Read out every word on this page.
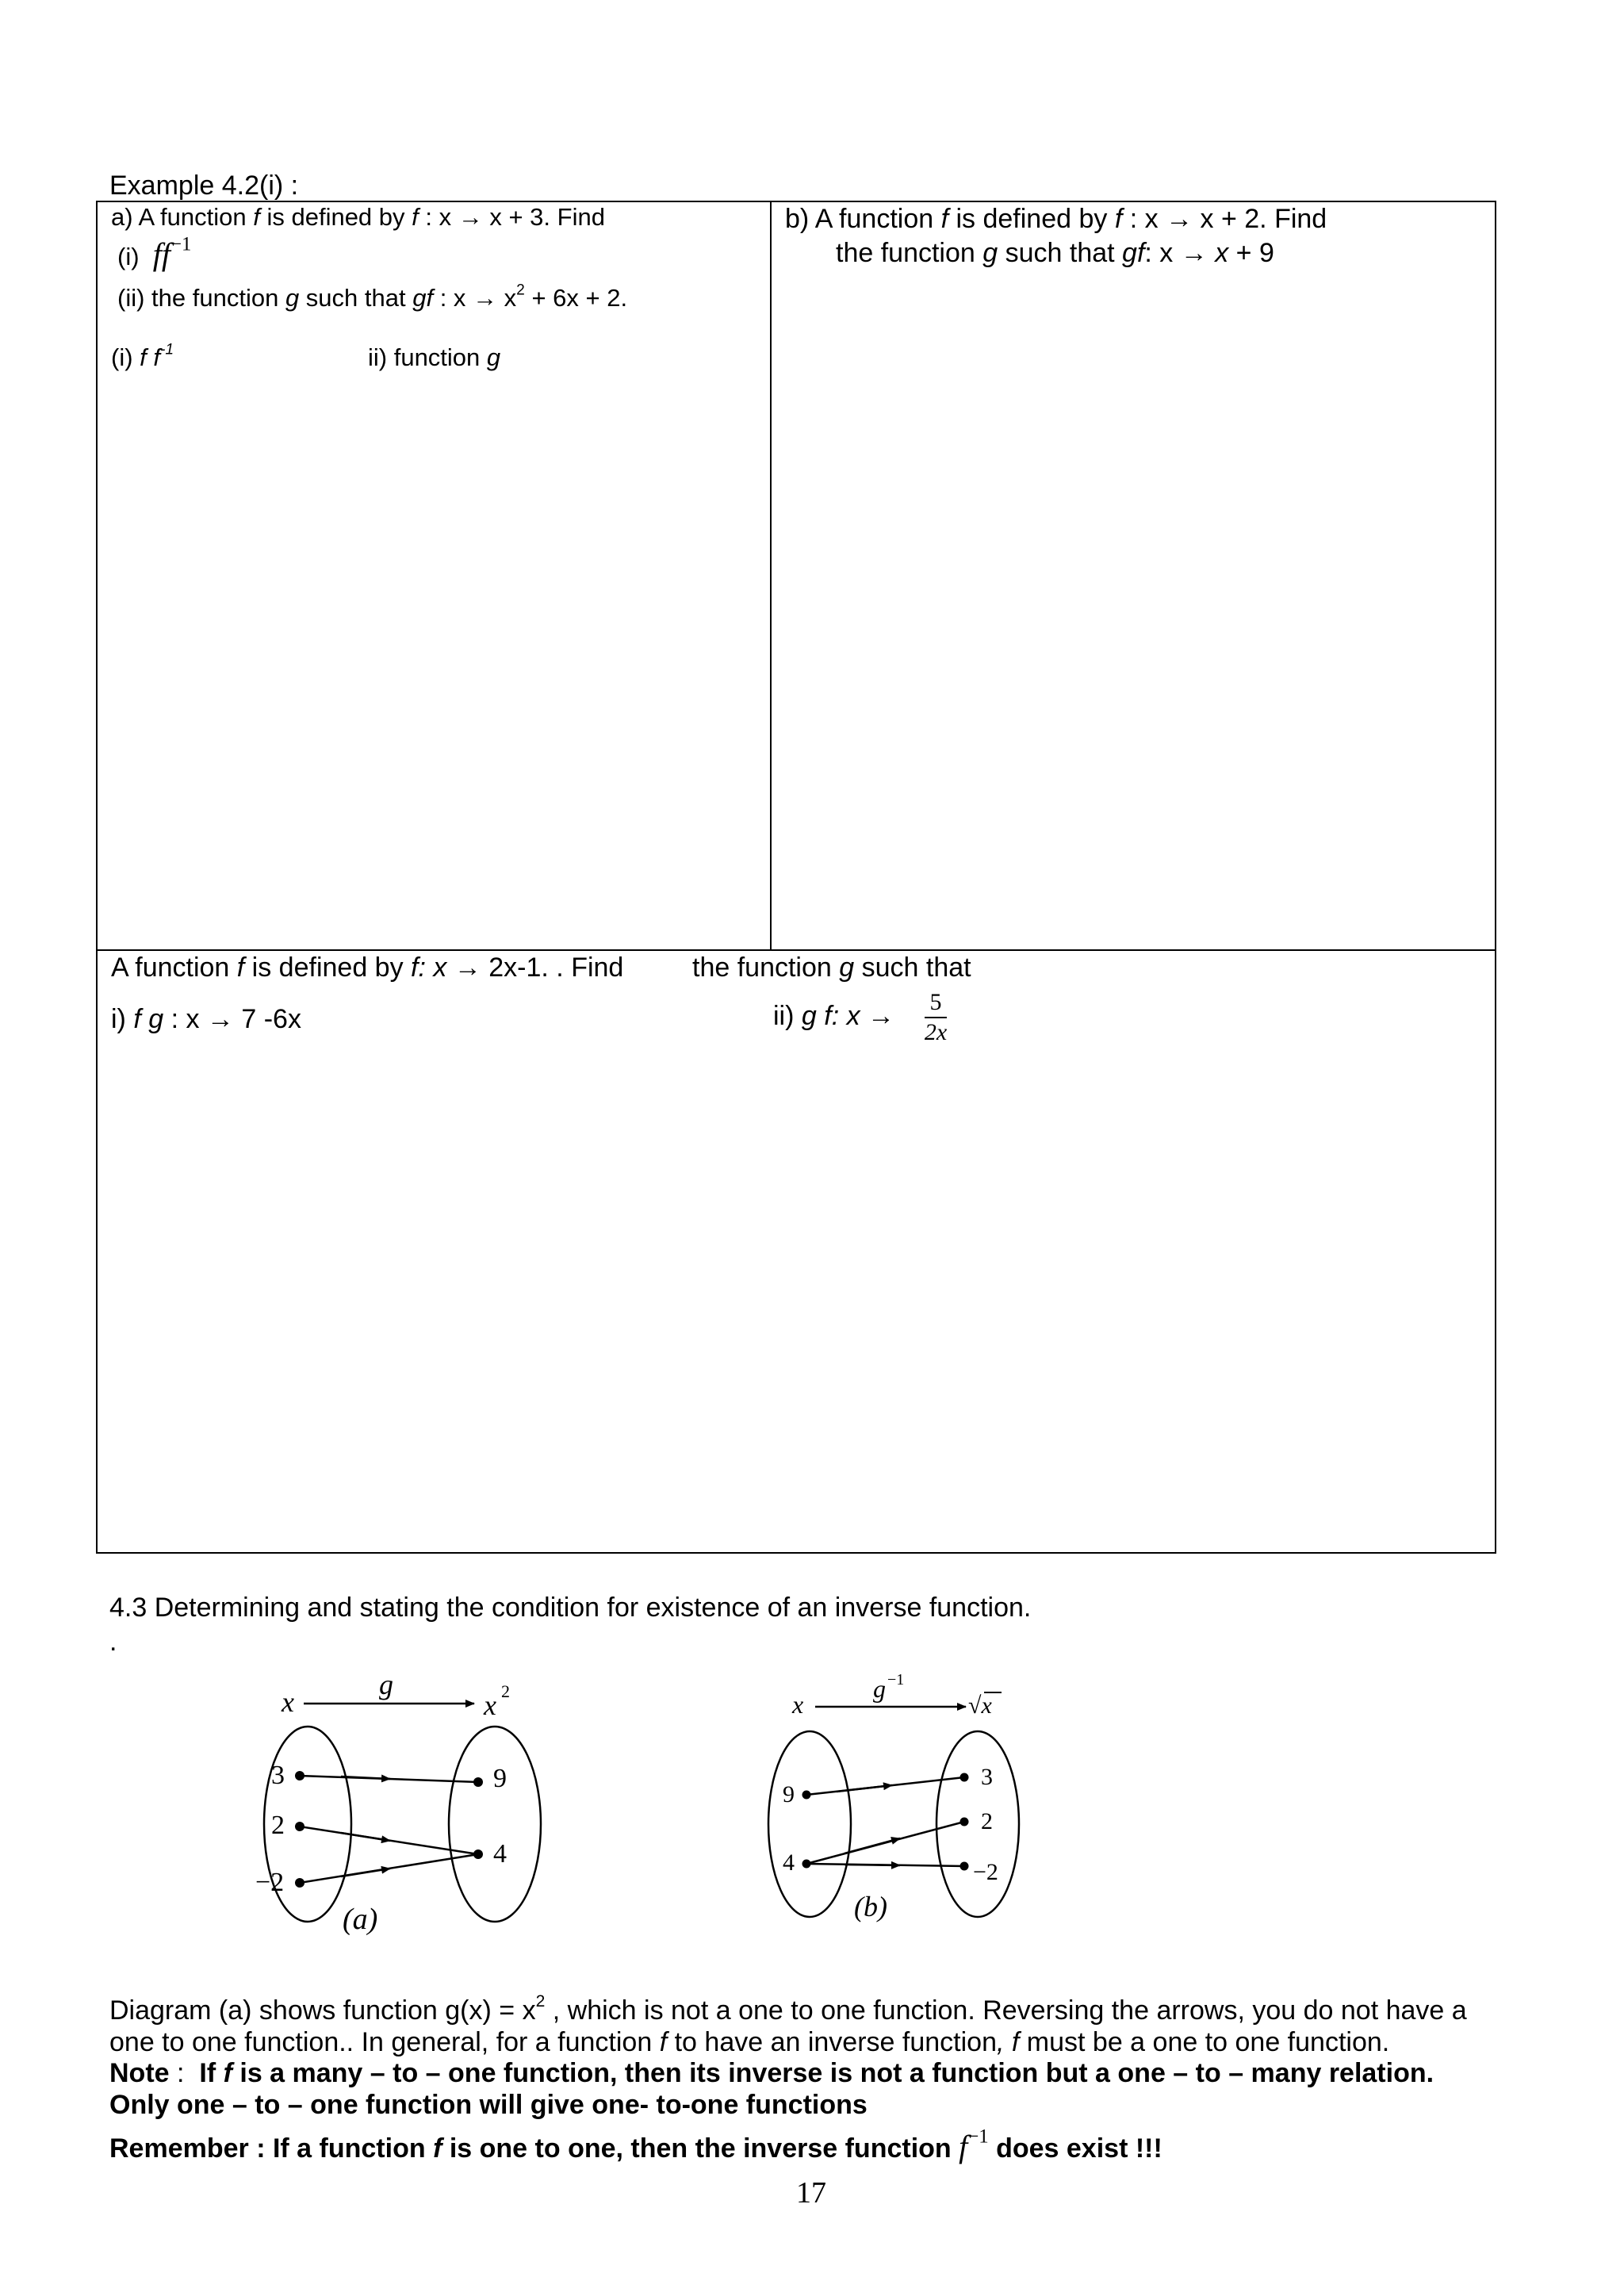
Example 4.2(i) :
a) A function f is defined by f : x → x + 3. Find
(i) $ff^{-1}$
(ii) the function g such that gf : $x \to x^2 + 6x + 2$.
(i) f $f^{-1}$	ii) function g
b) A function f is defined by f : x → x + 2. Find
the function g such that gf: x → x + 9
A function f is defined by f: x → 2x-1. . Find	the function g such that
i) f g : x → 7 -6x	ii) g f: $x \to \frac{5}{2x}$
4.3 Determining and stating the condition for existence of an inverse function.
.
x
g
x 2
3
2
−2
9
4
(a)
x
g −1
√x
9
4
3
2
−2
(b)
Diagram (a) shows function $g(x) = x^2$ , which is not a one to one function. Reversing the arrows, you do not have a
one to one function.. In general, for a function f to have an inverse function, f must be a one to one function.
Note :  If f is a many – to – one function, then its inverse is not a function but a one – to – many relation.
Only one – to – one function will give one- to-one functions
Remember : If a function f is one to one, then the inverse function $f^{-1}$ does exist !!!
17
